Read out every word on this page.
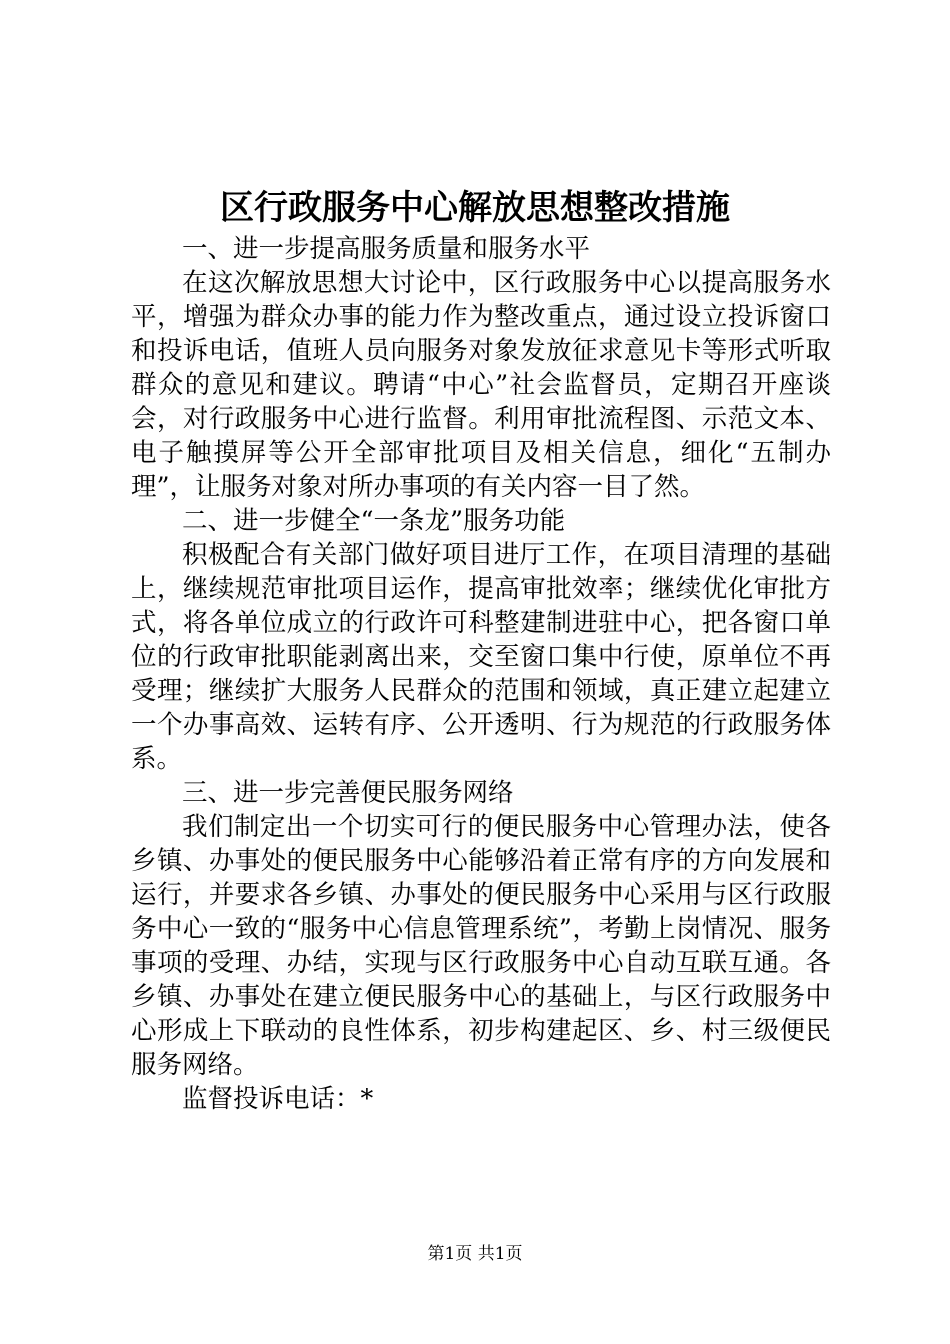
区行政服务中心解放思想整改措施

一、进一步提高服务质量和服务水平

在这次解放思想大讨论中，区行政服务中心以提高服务水平，增强为群众办事的能力作为整改重点，通过设立投诉窗口和投诉电话，值班人员向服务对象发放征求意见卡等形式听取群众的意见和建议。聘请“中心”社会监督员，定期召开座谈会，对行政服务中心进行监督。利用审批流程图、示范文本、电子触摸屏等公开全部审批项目及相关信息，细化“五制办理”，让服务对象对所办事项的有关内容一目了然。

二、进一步健全“一条龙”服务功能

积极配合有关部门做好项目进厅工作，在项目清理的基础上，继续规范审批项目运作，提高审批效率；继续优化审批方式，将各单位成立的行政许可科整建制进驻中心，把各窗口单位的行政审批职能剥离出来，交至窗口集中行使，原单位不再受理；继续扩大服务人民群众的范围和领域，真正建立起建立一个办事高效、运转有序、公开透明、行为规范的行政服务体系。

三、进一步完善便民服务网络

我们制定出一个切实可行的便民服务中心管理办法，使各乡镇、办事处的便民服务中心能够沿着正常有序的方向发展和运行，并要求各乡镇、办事处的便民服务中心采用与区行政服务中心一致的“服务中心信息管理系统”，考勤上岗情况、服务事项的受理、办结，实现与区行政服务中心自动互联互通。各乡镇、办事处在建立便民服务中心的基础上，与区行政服务中心形成上下联动的良性体系，初步构建起区、乡、村三级便民服务网络。

监督投诉电话：*

第1页 共1页
